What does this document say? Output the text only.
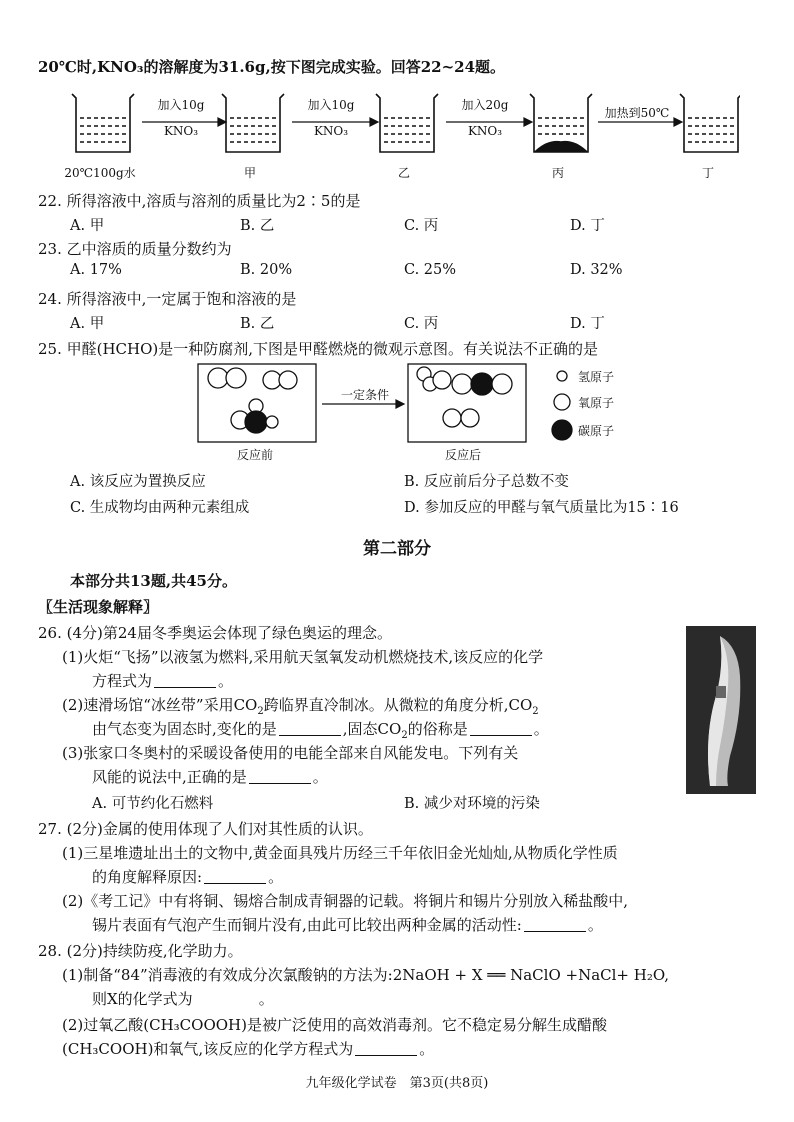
20℃时,KNO₃的溶解度为31.6g,按下图完成实验。回答22~24题。
加入10g
KNO₃
加入10g
KNO₃
加入20g
KNO₃
加热到50℃
20℃100g水	甲	乙	丙	丁
22. 所得溶液中,溶质与溶剂的质量比为2∶5的是
A. 甲	B. 乙	C. 丙	D. 丁
23. 乙中溶质的质量分数约为
A. 17%	B. 20%	C. 25%	D. 32%
24. 所得溶液中,一定属于饱和溶液的是
A. 甲	B. 乙	C. 丙	D. 丁
25. 甲醛(HCHO)是一种防腐剂,下图是甲醛燃烧的微观示意图。有关说法不正确的是
一定条件
反应前	反应后
氢原子
氧原子
碳原子
A. 该反应为置换反应	B. 反应前后分子总数不变
C. 生成物均由两种元素组成	D. 参加反应的甲醛与氧气质量比为15∶16
第二部分
本部分共13题,共45分。
〖生活现象解释〗
26. (4分)第24届冬季奥运会体现了绿色奥运的理念。
(1)火炬“飞扬”以液氢为燃料,采用航天氢氧发动机燃烧技术,该反应的化学
方程式为	。
(2)速滑场馆“冰丝带”采用$CO_2$跨临界直冷制冰。从微粒的角度分析$,CO_2$
由气态变为固态时,变化的是	,固态$CO_2$的俗称是	。
(3)张家口冬奥村的采暖设备使用的电能全部来自风能发电。下列有关
风能的说法中,正确的是	。
A. 可节约化石燃料	B. 减少对环境的污染
27. (2分)金属的使用体现了人们对其性质的认识。
(1)三星堆遗址出土的文物中,黄金面具残片历经三千年依旧金光灿灿,从物质化学性质
的角度解释原因:	。
(2)《考工记》中有将铜、锡熔合制成青铜器的记载。将铜片和锡片分别放入稀盐酸中,
锡片表面有气泡产生而铜片没有,由此可比较出两种金属的活动性:	。
28. (2分)持续防疫,化学助力。
(1)制备“84”消毒液的有效成分次氯酸钠的方法为:2NaOH + X ══ NaClO +NaCl+ H₂O,
则X的化学式为	。
(2)过氧乙酸(CH₃COOOH)是被广泛使用的高效消毒剂。它不稳定易分解生成醋酸
(CH₃COOH)和氧气,该反应的化学方程式为	。
九年级化学试卷　第3页(共8页)
